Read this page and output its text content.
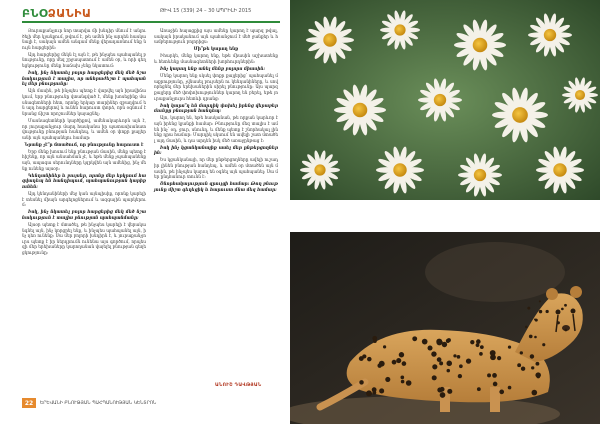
ԲՆՕՁԱՆԻԱ	ԹԻՎ 15 (339) 24 – 30 ԱՊՐԻԼԻ 2015

Յուրաքանչյուր նոր տարվա մի խնդիր մնում է անլուծելի մեր կյանքում, թվում է, թե ամեն ինչ արդեն հասկանալի է, սակայն ամեն անգամ մենք վերադառնում ենք նույն հարցերին:

Այդ հարցերից մեկն էլ այն է, թե ինչպես պահպանել բնությունը, որը մեզ շրջապատում է ամեն օր, և որի գեղեցկությունը մենք հաճախ չենք նկատում:

Իսկ, ինչ նկատել բոլոր հարցերից մեկ մեծ նշանակություն է տալիս, որ անհրաժեշտ է պահպանել մեր բնությունը:

Այն մասին, թե ինչպես պետք է վարվել այն իրավիճակում, երբ բնությունը վտանգված է, մենք խոսեցինք մասնագետների հետ, որոնք երկար տարիներ զբաղվում են այդ հարցերով և ունեն հարուստ փորձ, որն օգնում է նրանց ճիշտ որոշումներ կայացնել:

Մասնագետների կարծիքով, ամենակարևորն այն է, որ յուրաքանչյուր մարդ հասկանա իր պատասխանատվությունը բնության հանդեպ, և ամեն օր փոքր քայլեր անի այն պահպանելու համար:

Նրանք չէ՞ր մտածում, որ բնությունը հարուստ է

Երբ մենք խոսում ենք բնության մասին, մենք պետք է հիշենք, որ այն անսահման չէ, և եթե մենք չպահպանենք այն, ապագա սերունդները կզրկվեն այն ամենից, ինչ մենք ունենք այսօր:

Կենդանիներ և բույսեր, որոնք մեր երկրում հազվադեպ են հանդիպում, պահպանության կարիք ունեն:

Այդ կենդանիների մեջ կան այնպիսիք, որոնք կարելի է տեսնել միայն արգելոցներում և ազգային պարկերում:

Իսկ, ինչ նկատել բոլոր հարցերից մեկ մեծ նշանակություն է տալիս բնության պահպանմանը:

Այսօր պետք է մտածել, թե ինչպես կարելի է վերականգնել այն, ինչ կորցրել ենք, և ինչպես պահպանել այն, ինչ դեռ ունենք: Սա մեր բոլորի խնդիրն է, և յուրաքանչյուրս պետք է իր ներդրումն ունենա այս գործում, որպեսզի մեր երեխաները կարողանան վայելել բնության գեղեցկությունը:

Առաջին հայացքից այս ամենը կարող է պարզ թվալ, սակայն իրականում այն պահանջում է մեծ ջանքեր և համբերություն բոլորիցս:

Մի՞թե կարող ենք

Իհարկե, մենք կարող ենք, եթե միասին աշխատենք և հետևենք մասնագետների խորհուրդներին:

Ինչ կարող ենք անել մենք բոլորս միասին:

Մենք կարող ենք սկսել փոքր քայլերից՝ պահպանել մաքրությունը, չվնասել բույսերն ու կենդանիները, և սովորեցնել մեր երեխաներին սիրել բնությունը: Այս պարզ քայլերը մեծ փոփոխություններ կարող են բերել, եթե յուրաքանչյուրս հետևի դրանց:

Իսկ կարո՞ղ են մարդիկ փոխել իրենց վերաբերմունքը բնության հանդեպ:

Այո, կարող են, եթե հասկանան, թե որքան կարևոր է այն իրենց կյանքի համար: Բնությունը մեզ տալիս է ամեն ինչ՝ օդ, ջուր, սնունդ, և մենք պետք է շնորհակալ լինենք դրա համար: Մարդիկ սկսում են ավելի շատ մտածել այդ մասին, և դա արդեն իսկ մեծ առաջընթաց է:

Իսկ ինչ կցանկանայիք ասել մեր ընթերցողներին:

Ես կցանկանայի, որ մեր ընթերցողները ավելի ուշադիր լինեն բնության հանդեպ, և ամեն օր մտածեն այն մասին, թե ինչպես կարող են օգնել այն պահպանել: Սա մեր ընդհանուր տունն է:

Շնորհակալություն զրույցի համար: Թող բնությունը միշտ գեղեցիկ և հարուստ մնա մեզ համար:

ԱՆՈՒՇ ԴԱՎԹՅԱՆ
22	ԵՐԵՎԱՆԻ ԲՆՈՒԹՅԱՆ ՊԱՀՊԱՆՈՒԹՅԱՆ ԿԵՆՏՐՈՆ
